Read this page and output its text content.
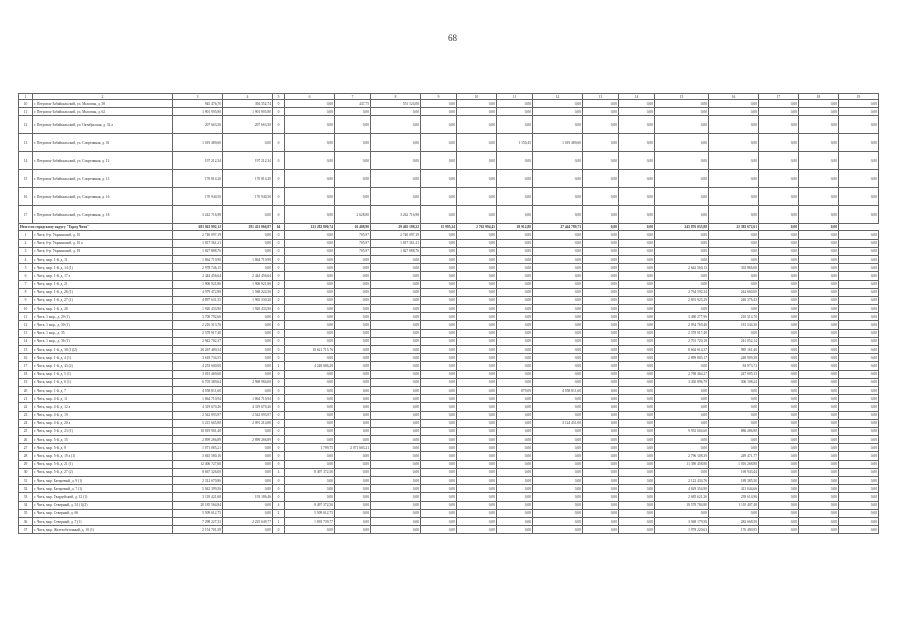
68
1	2	3	4	5	6	7	8	9	10	11	12	13	14	15	16	17	18	19
10	г. Петровск-Забайкальский, ул. Мысовая, д. 58	945 476,70	394 352,74	0	0,00	447,75	551 124,00	0,00	0,00	0,00	0,00	0,00	0,00	0,00	0,00	0,00	0,00	0,00
11	г. Петровск-Забайкальский, ул. Мысовая, д. 62	1 901 905,80	1 901 905,80	0	0,00	0,00	0,00	0,00	0,00	0,00	0,00	0,00	0,00	0,00	0,00	0,00	0,00	0,00
12	г. Петровск-Забайкальский, ул. Октябрьская, д. 32 а	207 663,50	207 663,50	0	0,00	0,00	0,00	0,00	0,00	0,00	0,00	0,00	0,00	0,00	0,00	0,00	0,00	0,00
13	г. Петровск-Забайкальский, ул. Спортивная, д. 01	1 019 489,60	0,00	0	0,00	0,00	0,00	0,00	0,00	1 150,45	1 019 489,60	0,00	0,00	0,00	0,00	0,00	0,00	0,00
14	г. Петровск-Забайкальский, ул. Спортивная, д. 12	197 212,34	197 212,34	0	0,00	0,00	0,00	0,00	0,00	0,00	0,00	0,00	0,00	0,00	0,00	0,00	0,00	0,00
15	г. Петровск-Забайкальский, ул. Спортивная, д. 13	170 814,20	170 814,20	0	0,00	0,00	0,00	0,00	0,00	0,00	0,00	0,00	0,00	0,00	0,00	0,00	0,00	0,00
16	г. Петровск-Забайкальский, ул. Спортивная, д. 16	170 940,50	170 940,50	0	0,00	0,00	0,00	0,00	0,00	0,00	0,00	0,00	0,00	0,00	0,00	0,00	0,00	0,00
17	г. Петровск-Забайкальский, ул. Спортивная, д. 18	3 242 716,98	0,00	0	0,00	2 628,00	3 242 716,98	0,00	0,00	0,00	0,00	0,00	0,00	0,00	0,00	0,00	0,00	0,00
Итого по городскому округу "Город Чита"		683 043 992,12	291 421 866,87	64	123 282 800,74	16 408,90	29 465 198,22	15 995,24	2 762 994,45	29 912,80	27 444 789,73	0,00	0,00	245 876 035,88	22 385 672,61	0,00	0,00	
1	г. Чита, б-р. Украинский, д. 10	2 740 097,19	0,00	0	0,00	705,97	2 740 097,19	0,00	0,00	0,00	0,00	0,00	0,00	0,00	0,00	0,00	0,00	0,00
2	г. Чита, б-р. Украинский, д. 10 а	1 817 361,21	0,00	0	0,00	705,97	1 817 361,21	0,00	0,00	0,00	0,00	0,00	0,00	0,00	0,00	0,00	0,00	0,00
3	г. Чита, б-р. Украинский, д. 18	1 827 888,76	0,00	0	0,00	705,97	1 827 888,76	0,00	0,00	0,00	0,00	0,00	0,00	0,00	0,00	0,00	0,00	0,00
4	г. Чита, мкр. 1-й, д. 11	1 864 710,90	1 864 710,90	0	0,00	0,00	0,00	0,00	0,00	0,00	0,00	0,00	0,00	0,00	0,00	0,00	0,00	0,00
5	г. Чита, мкр. 1-й, д. 14 (1)	2 978 746,15	0,00	0	0,00	0,00	0,00	0,00	0,00	0,00	0,00	0,00	0,00	2 642 560,15	335 866,00	0,00	0,00	0,00
6	г. Чита, мкр. 1-й, д. 17 а	2 444 456,64	2 444 456,64	0	0,00	0,00	0,00	0,00	0,00	0,00	0,00	0,00	0,00	0,00	0,00	0,00	0,00	0,00
7	г. Чита, мкр. 1-й, д. 21	1 906 921,86	1 906 921,86	0	0,00	0,00	0,00	0,00	0,00	0,00	0,00	0,00	0,00	0,00	0,00	0,00	0,00	0,00
8	г. Чита, мкр. 1-й, д. 26 (1)	4 979 472,88	1 568 224,56	0	0,00	0,00	0,00	0,00	0,00	0,00	0,00	0,00	0,00	2 764 592,34	244 660,00	0,00	0,00	0,00
9	г. Чита, мкр. 1-й, д. 27 (1)	4 897 631,55	1 965 330,20	0	0,00	0,00	0,00	0,00	0,00	0,00	0,00	0,00	0,00	2 691 925,29	240 376,43	0,00	0,00	0,00
10	г. Чита, мкр. 1-й, д. 28	1 920 433,90	1 920 433,90	0	0,00	0,00	0,00	0,00	0,00	0,00	0,00	0,00	0,00	0,00	0,00	0,00	0,00	0,00
11	г. Чита, 1 мкр., д. 29 (1)	3 700 792,66	0,00	0	0,00	0,00	0,00	0,00	0,00	0,00	0,00	0,00	0,00	3 490 277,96	210 514,70	0,00	0,00	0,00
12	г. Чита, 1 мкр., д. 30 (1)	2 216 313,76	0,00	0	0,00	0,00	0,00	0,00	0,00	0,00	0,00	0,00	0,00	2 034 769,46	181 544,30	0,00	0,00	0,00
13	г. Чита, 1 мкр., д. 35	2 578 917,40	0,00	0	0,00	0,00	0,00	0,00	0,00	0,00	0,00	0,00	0,00	2 578 917,40	0,00	0,00	0,00	0,00
14	г. Чита, 1 мкр., д. 36 (1)	2 942 702,37	0,00	0	0,00	0,00	0,00	0,00	0,00	0,00	0,00	0,00	0,00	2 701 720,18	241 052,14	0,00	0,00	0,00
15	г. Чита, мкр. 1-й, д. 38 (1)(2)	20 267 480,54	0,00	0	10 621 715,76	0,00	0,00	0,00	0,00	0,00	0,00	0,00	0,00	8 664 614,37	985 161,40	0,00	0,00	0,00
16	г. Чита, мкр. 1-й, д. 4 (1)	3 618 734,55	0,00	0	0,00	0,00	0,00	0,00	0,00	0,00	0,00	0,00	0,00	2 899 805,17	248 909,38	0,00	0,00	0,00
17	г. Чита, мкр. 1-й, д. 43 (2)	4 253 600,00	0,00	2	4 248 686,28	0,00	0,00	0,00	0,00	0,00	0,00	0,00	0,00	0,00	84 973,72	0,00	0,00	0,00
18	г. Чита, мкр. 1-й, д. 5 (1)	3 015 469,60	0,00	0	0,00	0,00	0,00	0,00	0,00	0,00	0,00	0,00	0,00	2 768 464,27	247 005,33	0,00	0,00	0,00
19	г. Чита, мкр. 1-й, д. 6 (1)	6 705 389,64	2 968 984,00	0	0,00	0,00	0,00	0,00	0,00	0,00	0,00	0,00	0,00	3 430 896,79	306 108,24	0,00	0,00	0,00
20	г. Чита, мкр. 1-й, д. 7	4 058 811,60	0,00	0	0,00	0,00	0,00	0,00	0,00	879,09	4 058 811,60	0,00	0,00	0,00	0,00	0,00	0,00	0,00
21	г. Чита, мкр. 4-й, д. 11	1 864 710,94	1 864 710,94	0	0,00	0,00	0,00	0,00	0,00	0,00	0,00	0,00	0,00	0,00	0,00	0,00	0,00	0,00
22	г. Чита, мкр. 4-й, д. 12 а	4 319 670,26	4 319 670,26	0	0,00	0,00	0,00	0,00	0,00	0,00	0,00	0,00	0,00	0,00	0,00	0,00	0,00	0,00
23	г. Чита, мкр. 4-й, д. 19	2 542 093,97	2 542 093,97	0	0,00	0,00	0,00	0,00	0,00	0,00	0,00	0,00	0,00	0,00	0,00	0,00	0,00	0,00
24	г. Чита, мкр. 4-й, д. 20 а	5 215 665,80	2 091 214,80	0	0,00	0,00	0,00	0,00	0,00	0,00	3 124 451,00	0,00	0,00	0,00	0,00	0,00	0,00	0,00
25	г. Чита, мкр. 5-й, д. 23 (1)	10 819 901,40	0,00	0	0,00	0,00	0,00	0,00	0,00	0,00	0,00	0,00	0,00	9 933 604,60	886 286,80	0,00	0,00	0,00
26	г. Чита, мкр. 5-й, д. 15	2 899 266,89	2 899 266,89	0	0,00	0,00	0,00	0,00	0,00	0,00	0,00	0,00	0,00	0,00	0,00	0,00	0,00	0,00
27	г. Чита, мкр. 5-й, д. 8	1 071 085,21	0,00	0	1 799,75	2 071 683,21	0,00	0,00	0,00	0,00	0,00	0,00	0,00	0,00	0,00	0,00	0,00	0,00
28	г. Чита, мкр. 5-й, д. 19 а (1)	3 045 580,16	0,00	0	0,00	0,00	0,00	0,00	0,00	0,00	0,00	0,00	0,00	2 796 108,39	249 471,77	0,00	0,00	0,00
29	г. Чита, мкр. 5-й, д. 21 (1)	12 406 727,60	0,00	0	0,00	0,00	0,00	0,00	0,00	0,00	0,00	0,00	0,00	11 390 458,80	1 016 268,80	0,00	0,00	0,00
30	г. Чита, мкр. 5-й, д. 27 (2)	8 667 326,00	0,00	4	8 497 372,56	0,00	0,00	0,00	0,00	0,00	0,00	0,00	0,00	0,00	169 943,44	0,00	0,00	0,00
31	г. Чита, мкр. Батаревый, д. 9 (1)	2 312 670,86	0,00	0	0,00	0,00	0,00	0,00	0,00	0,00	0,00	0,00	0,00	2 122 434,76	189 385,50	0,00	0,00	0,00
32	г. Чита, мкр. Батаревый, д. 7 (1)	5 042 399,56	0,00	0	0,00	0,00	0,00	0,00	0,00	0,00	0,00	0,00	0,00	4 629 354,90	413 044,66	0,00	0,00	0,00
33	г. Чита, мкр. Гвардейский, д. 12 (1)	3 118 421,68	193 186,46	0	0,00	0,00	0,00	0,00	0,00	0,00	0,00	0,00	0,00	2 685 621,26	239 614,96	0,00	0,00	0,00
34	г. Чита, мкр. Северный, д. 54 (1)(2)	20 185 564,84	0,00	4	8 497 372,56	0,00	0,00	0,00	0,00	0,00	0,00	0,00	0,00	10 578 784,80	1 110 407,48	0,00	0,00	0,00
35	г. Чита, мкр. Северный, д. 66	5 509 612,75	0,00	2	5 509 612,75	0,00	0,00	0,00	0,00	0,00	0,00	0,00	0,00	0,00	0,00	0,00	0,00	0,00
36	г. Чита, мкр. Северный, д. 7 (1)	7 298 227,33	2 225 649,77	1	1 693 739,77	0,00	0,00	0,00	0,00	0,00	0,00	0,00	0,00	3 568 179,56	282 668,56	0,00	0,00	0,00
37	г. Чита, мкр. Железобетонный, д. 10 (1)	2 154 701,58	0,00	0	0,00	0,00	0,00	0,00	0,00	0,00	0,00	0,00	0,00	1 978 220,63	176 480,95	0,00	0,00	0,00
